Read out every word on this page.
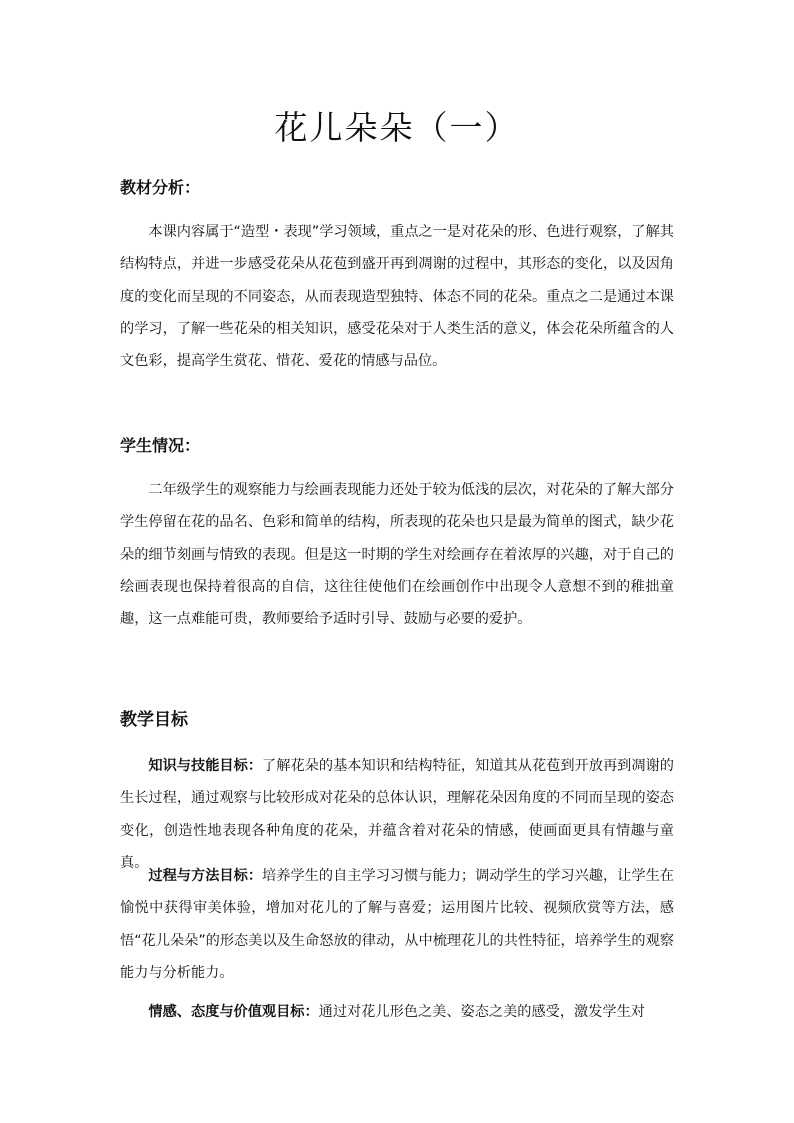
花儿朵朵（一）
教材分析：

本课内容属于“造型・表现”学习领域，重点之一是对花朵的形、色进行观察，了解其结构特点，并进一步感受花朵从花苞到盛开再到凋谢的过程中，其形态的变化，以及因角度的变化而呈现的不同姿态，从而表现造型独特、体态不同的花朵。重点之二是通过本课的学习，了解一些花朵的相关知识，感受花朵对于人类生活的意义，体会花朵所蕴含的人文色彩，提高学生赏花、惜花、爱花的情感与品位。

学生情况：

二年级学生的观察能力与绘画表现能力还处于较为低浅的层次，对花朵的了解大部分学生停留在花的品名、色彩和简单的结构，所表现的花朵也只是最为简单的图式，缺少花朵的细节刻画与情致的表现。但是这一时期的学生对绘画存在着浓厚的兴趣，对于自己的绘画表现也保持着很高的自信，这往往使他们在绘画创作中出现令人意想不到的稚拙童趣，这一点难能可贵，教师要给予适时引导、鼓励与必要的爱护。

教学目标

知识与技能目标：了解花朵的基本知识和结构特征，知道其从花苞到开放再到凋谢的生长过程，通过观察与比较形成对花朵的总体认识，理解花朵因角度的不同而呈现的姿态变化，创造性地表现各种角度的花朵，并蕴含着对花朵的情感，使画面更具有情趣与童真。

过程与方法目标：培养学生的自主学习习惯与能力；调动学生的学习兴趣，让学生在愉悦中获得审美体验，增加对花儿的了解与喜爱；运用图片比较、视频欣赏等方法，感悟“花儿朵朵”的形态美以及生命怒放的律动，从中梳理花儿的共性特征，培养学生的观察能力与分析能力。

情感、态度与价值观目标：通过对花儿形色之美、姿态之美的感受，激发学生对
